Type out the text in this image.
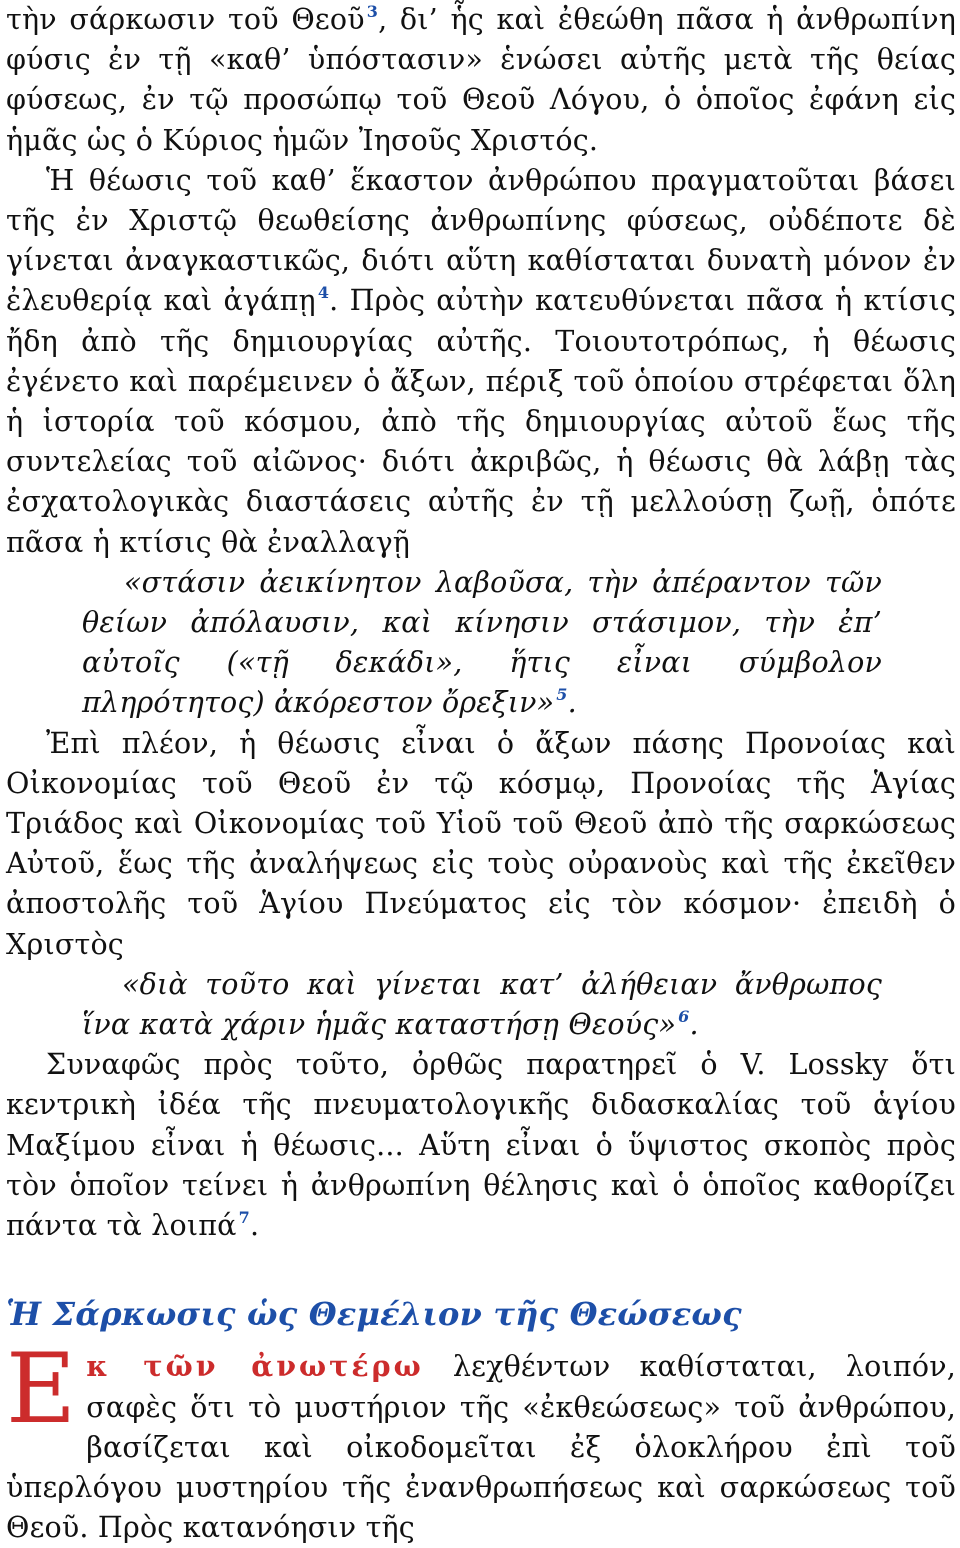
τὴν σάρκωσιν τοῦ Θεοῦ $^3$, δι’ ἧς καὶ ἐθεώθη πᾶσα ἡ ἀνθρωπίνη φύσις ἐν τῇ «καθ’ ὑπόστασιν» ἑνώσει αὐτῆς μετὰ τῆς θείας φύσεως, ἐν τῷ προσώπῳ τοῦ Θεοῦ Λόγου, ὁ ὁποῖος ἐφάνη εἰς ἡμᾶς ὡς ὁ Κύριος ἡμῶν Ἰησοῦς Χριστός.

Ἡ θέωσις τοῦ καθ’ ἕκαστον ἀνθρώπου πραγματοῦται βάσει τῆς ἐν Χριστῷ θεωθείσης ἀνθρωπίνης φύσεως, οὐδέποτε δὲ γίνεται ἀναγκαστικῶς, διότι αὕτη καθίσταται δυνατὴ μόνον ἐν ἐλευθερίᾳ καὶ ἀγάπῃ $^4$. Πρὸς αὐτὴν κατευθύνεται πᾶσα ἡ κτίσις ἤδη ἀπὸ τῆς δημιουργίας αὐτῆς. Τοιουτοτρόπως, ἡ θέωσις ἐγένετο καὶ παρέμεινεν ὁ ἄξων, πέριξ τοῦ ὁποίου στρέφεται ὅλη ἡ ἱστορία τοῦ κόσμου, ἀπὸ τῆς δημιουργίας αὐτοῦ ἕως τῆς συντελείας τοῦ αἰῶνος· διότι ἀκριβῶς, ἡ θέωσις θὰ λάβῃ τὰς ἐσχατολογικὰς διαστάσεις αὐτῆς ἐν τῇ μελλούσῃ ζωῇ, ὁπότε πᾶσα ἡ κτίσις θὰ ἐναλλαγῇ

«στάσιν ἀεικίνητον λαβοῦσα, τὴν ἀπέραντον τῶν θείων ἀπόλαυσιν, καὶ κίνησιν στάσιμον, τὴν ἐπ’ αὐτοῖς («τῇ δεκάδι», ἥτις εἶναι σύμβολον πληρότητος) ἀκόρεστον ὄρεξιν» $^5$.

Ἐπὶ πλέον, ἡ θέωσις εἶναι ὁ ἄξων πάσης Προνοίας καὶ Οἰκονομίας τοῦ Θεοῦ ἐν τῷ κόσμῳ, Προνοίας τῆς Ἁγίας Τριάδος καὶ Οἰκονομίας τοῦ Υἱοῦ τοῦ Θεοῦ ἀπὸ τῆς σαρκώσεως Αὐτοῦ, ἕως τῆς ἀναλήψεως εἰς τοὺς οὐρανοὺς καὶ τῆς ἐκεῖθεν ἀποστολῆς τοῦ Ἁγίου Πνεύματος εἰς τὸν κόσμον· ἐπειδὴ ὁ Χριστὸς

«διὰ τοῦτο καὶ γίνεται κατ’ ἀλήθειαν ἄνθρωπος ἵνα κατὰ χάριν ἡμᾶς καταστήσῃ Θεούς» $^6$.

Συναφῶς πρὸς τοῦτο, ὀρθῶς παρατηρεῖ ὁ V. Lossky ὅτι κεντρικὴ ἰδέα τῆς πνευματολογικῆς διδασκαλίας τοῦ ἁγίου Μαξίμου εἶναι ἡ θέωσις... Αὕτη εἶναι ὁ ὕψιστος σκοπὸς πρὸς τὸν ὁποῖον τείνει ἡ ἀνθρωπίνη θέλησις καὶ ὁ ὁποῖος καθορίζει πάντα τὰ λοιπά $^7$.

Ἡ Σάρκωσις ὡς Θεμέλιον τῆς Θεώσεως

Εκ τῶν ἀνωτέρω λεχθέντων καθίσταται, λοιπόν, σαφὲς ὅτι τὸ μυστήριον τῆς «ἐκθεώσεως» τοῦ ἀνθρώπου, βασίζεται καὶ οἰκοδομεῖται ἐξ ὁλοκλήρου ἐπὶ τοῦ ὑπερλόγου μυστηρίου τῆς ἐνανθρωπήσεως καὶ σαρκώσεως τοῦ Θεοῦ. Πρὸς κατανόησιν τῆς
